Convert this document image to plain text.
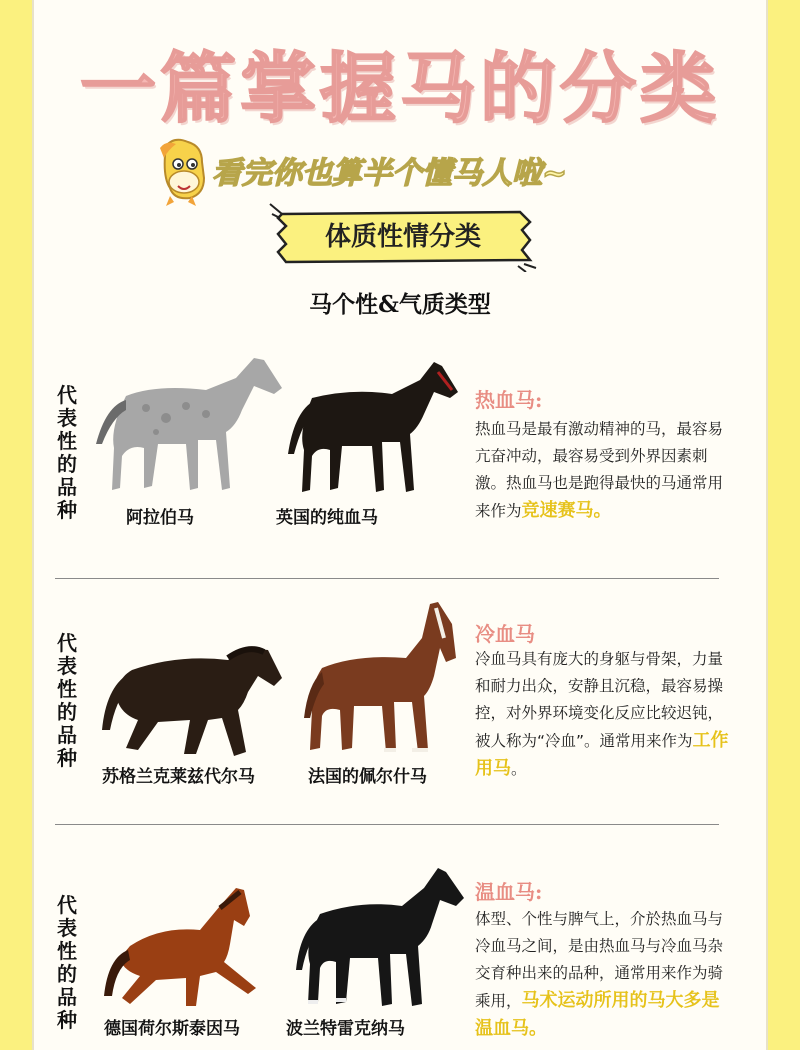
一篇掌握马的分类
看完你也算半个懂马人啦~
体质性情分类
马个性&气质类型
代表性的品种	阿拉伯马	英国的纯血马
热血马:
热血马是最有激动精神的马，最容易亢奋冲动，最容易受到外界因素刺激。热血马也是跑得最快的马通常用来作为竞速赛马。
代表性的品种
苏格兰克莱兹代尔马	法国的佩尔什马
冷血马
冷血马具有庞大的身躯与骨架，力量和耐力出众，安静且沉稳，最容易操控，对外界环境变化反应比较迟钝，被人称为“冷血”。通常用来作为工作用马。
代表性的品种 德国荷尔斯泰因马	波兰特雷克纳马
温血马:
体型、个性与脾气上，介於热血马与冷血马之间，是由热血马与冷血马杂交育种出来的品种，通常用来作为骑乘用，马术运动所用的马大多是温血马。
